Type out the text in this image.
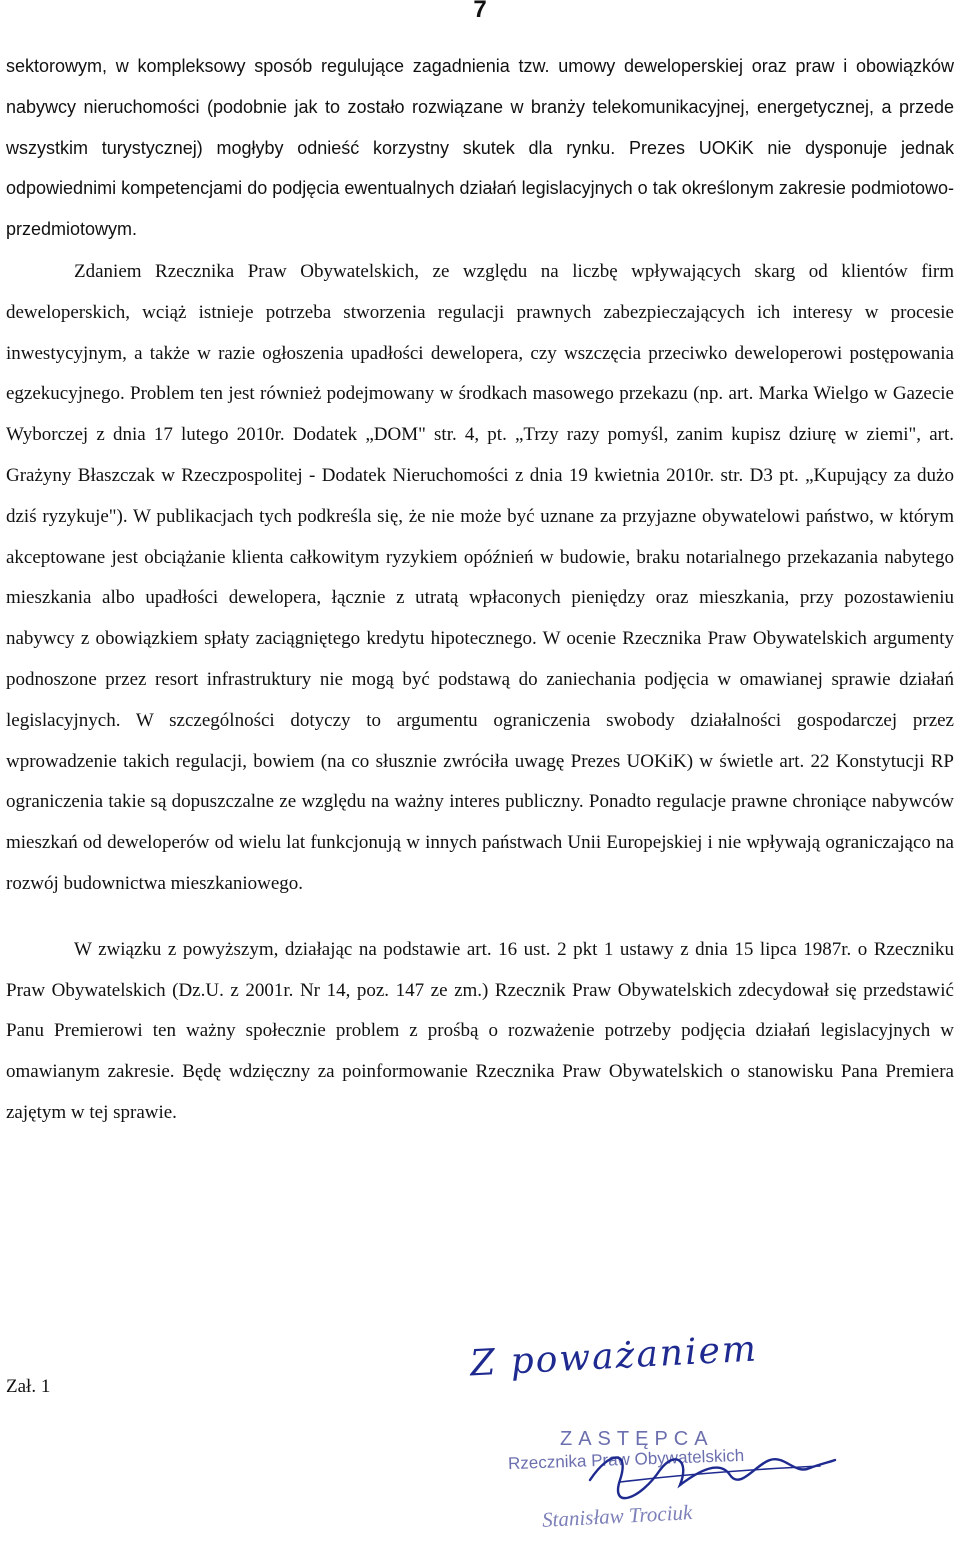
7

sektorowym, w kompleksowy sposób regulujące zagadnienia tzw. umowy deweloperskiej oraz praw i obowiązków nabywcy nieruchomości (podobnie jak to zostało rozwiązane w branży telekomunikacyjnej, energetycznej, a przede wszystkim turystycznej) mogłyby odnieść korzystny skutek dla rynku. Prezes UOKiK nie dysponuje jednak odpowiednimi kompetencjami do podjęcia ewentualnych działań legislacyjnych o tak określonym zakresie podmiotowo-przedmiotowym.

Zdaniem Rzecznika Praw Obywatelskich, ze względu na liczbę wpływających skarg od klientów firm deweloperskich, wciąż istnieje potrzeba stworzenia regulacji prawnych zabezpieczających ich interesy w procesie inwestycyjnym, a także w razie ogłoszenia upadłości dewelopera, czy wszczęcia przeciwko deweloperowi postępowania egzekucyjnego. Problem ten jest również podejmowany w środkach masowego przekazu (np. art. Marka Wielgo w Gazecie Wyborczej z dnia 17 lutego 2010r. Dodatek „DOM" str. 4, pt. „Trzy razy pomyśl, zanim kupisz dziurę w ziemi", art. Grażyny Błaszczak w Rzeczpospolitej - Dodatek Nieruchomości z dnia 19 kwietnia 2010r. str. D3 pt. „Kupujący za dużo dziś ryzykuje"). W publikacjach tych podkreśla się, że nie może być uznane za przyjazne obywatelowi państwo, w którym akceptowane jest obciążanie klienta całkowitym ryzykiem opóźnień w budowie, braku notarialnego przekazania nabytego mieszkania albo upadłości dewelopera, łącznie z utratą wpłaconych pieniędzy oraz mieszkania, przy pozostawieniu nabywcy z obowiązkiem spłaty zaciągniętego kredytu hipotecznego. W ocenie Rzecznika Praw Obywatelskich argumenty podnoszone przez resort infrastruktury nie mogą być podstawą do zaniechania podjęcia w omawianej sprawie działań legislacyjnych. W szczególności dotyczy to argumentu ograniczenia swobody działalności gospodarczej przez wprowadzenie takich regulacji, bowiem (na co słusznie zwróciła uwagę Prezes UOKiK) w świetle art. 22 Konstytucji RP ograniczenia takie są dopuszczalne ze względu na ważny interes publiczny. Ponadto regulacje prawne chroniące nabywców mieszkań od deweloperów od wielu lat funkcjonują w innych państwach Unii Europejskiej i nie wpływają ograniczająco na rozwój budownictwa mieszkaniowego.

W związku z powyższym, działając na podstawie art. 16 ust. 2 pkt 1 ustawy z dnia 15 lipca 1987r. o Rzeczniku Praw Obywatelskich (Dz.U. z 2001r. Nr 14, poz. 147 ze zm.) Rzecznik Praw Obywatelskich zdecydował się przedstawić Panu Premierowi ten ważny społecznie problem z prośbą o rozważenie potrzeby podjęcia działań legislacyjnych w omawianym zakresie. Będę wdzięczny za poinformowanie Rzecznika Praw Obywatelskich o stanowisku Pana Premiera zajętym w tej sprawie.

Zał. 1
Z poważaniem
ZASTĘPCA
Rzecznika Praw Obywatelskich
Stanisław Trociuk
